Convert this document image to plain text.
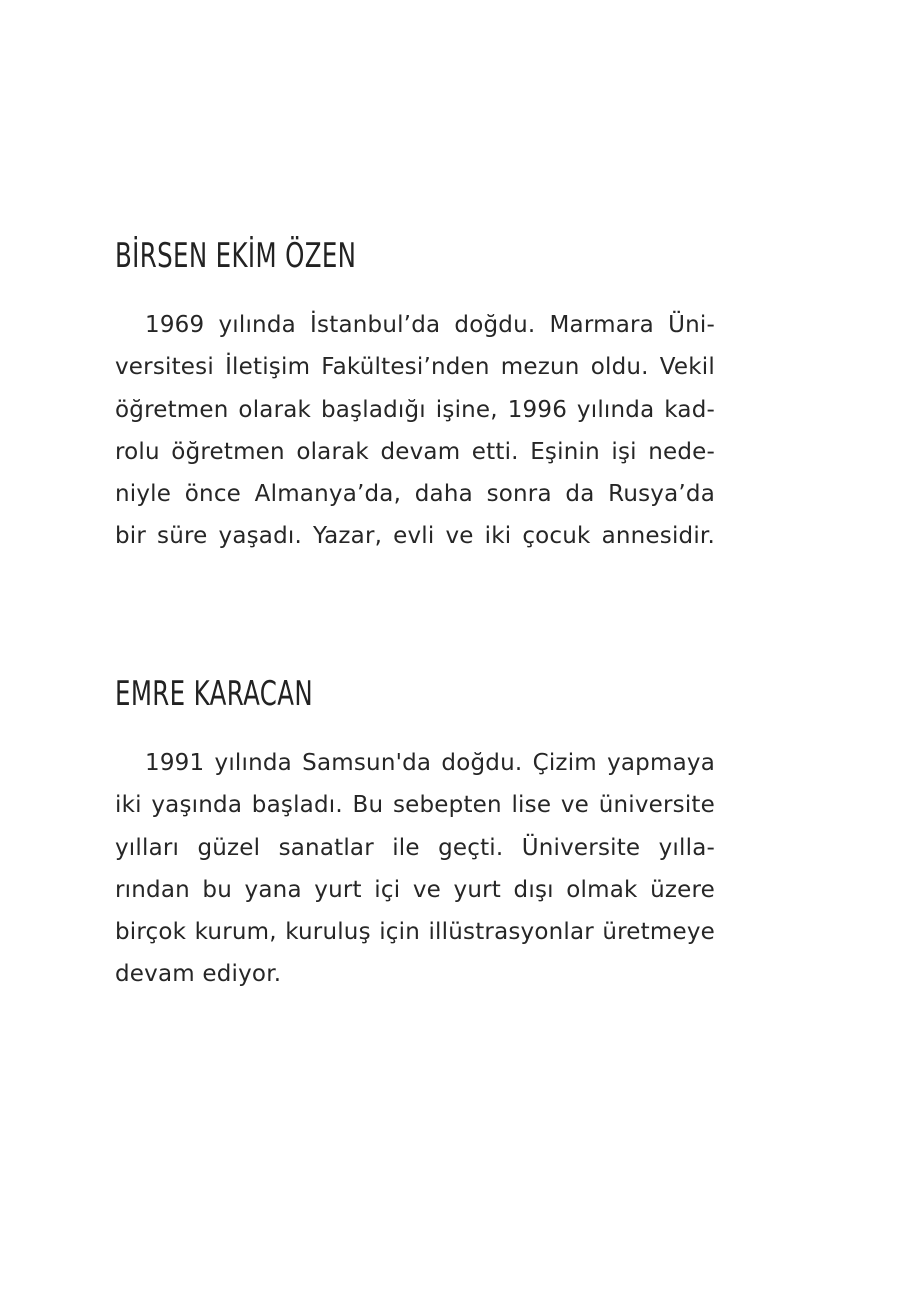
BİRSEN EKİM ÖZEN
1969 yılında İstanbul’da doğdu. Marmara Üni-
versitesi İletişim Fakültesi’nden mezun oldu. Vekil
öğretmen olarak başladığı işine, 1996 yılında kad-
rolu öğretmen olarak devam etti. Eşinin işi nede-
niyle önce Almanya’da, daha sonra da Rusya’da
bir süre yaşadı. Yazar, evli ve iki çocuk annesidir.
EMRE KARACAN
1991 yılında Samsun'da doğdu. Çizim yapmaya
iki yaşında başladı. Bu sebepten lise ve üniversite
yılları güzel sanatlar ile geçti. Üniversite yılla-
rından bu yana yurt içi ve yurt dışı olmak üzere
birçok kurum, kuruluş için illüstrasyonlar üretmeye
devam ediyor.
